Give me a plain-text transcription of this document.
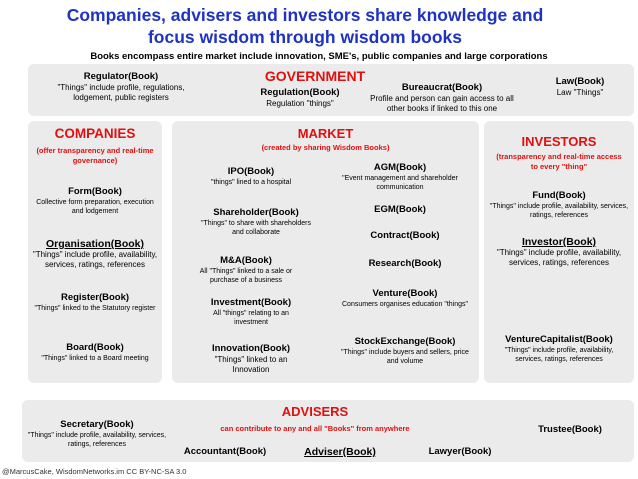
Companies, advisers and investors share knowledge and
focus wisdom through wisdom books
Books encompass entire market include innovation, SME's, public companies and large corporations
GOVERNMENT
Regulator(Book)
"Things" include profile, regulations, lodgement, public registers	Regulation(Book)
Regulation "things"
Bureaucrat(Book)
Profile and person can gain access to all other books if linked to this one
Law(Book)
Law "Things"
COMPANIES
(offer transparency and real-time governance)
Form(Book)
Collective form preparation, execution and lodgement
Organisation(Book)
"Things" include profile, availability, services, ratings, references
Register(Book)
"Things" linked to the Statutory register
Board(Book)
"Things" linked to a Board meeting
MARKET
(created by sharing Wisdom Books)
IPO(Book)
"things" lined to a hospital
AGM(Book)
"Event management and shareholder communication
Shareholder(Book)
"Things" to share with shareholders and collaborate
EGM(Book)
Contract(Book)
M&A(Book)
All "Things" linked to a sale or purchase of a business
Research(Book)
Venture(Book)
Consumers organises education "things"
Investment(Book)
All "things" relating to an investment
Innovation(Book)
"Things" linked to an Innovation
StockExchange(Book)
"Things" include buyers and sellers, price and volume
INVESTORS
(transparency and real-time access to every "thing"
Fund(Book)
"Things" include profile, availability, services, ratings, references
Investor(Book)
"Things" include profile, availability, services, ratings, references
VentureCapitalist(Book)
"Things" include profile, availability, services, ratings, references
ADVISERS
can contribute to any and all "Books" from anywhere
Secretary(Book)
"Things" include profile, availability, services, ratings, references
Trustee(Book)
Accountant(Book)	Adviser(Book)	Lawyer(Book)
@MarcusCake, WisdomNetworks.im CC BY-NC-SA 3.0
